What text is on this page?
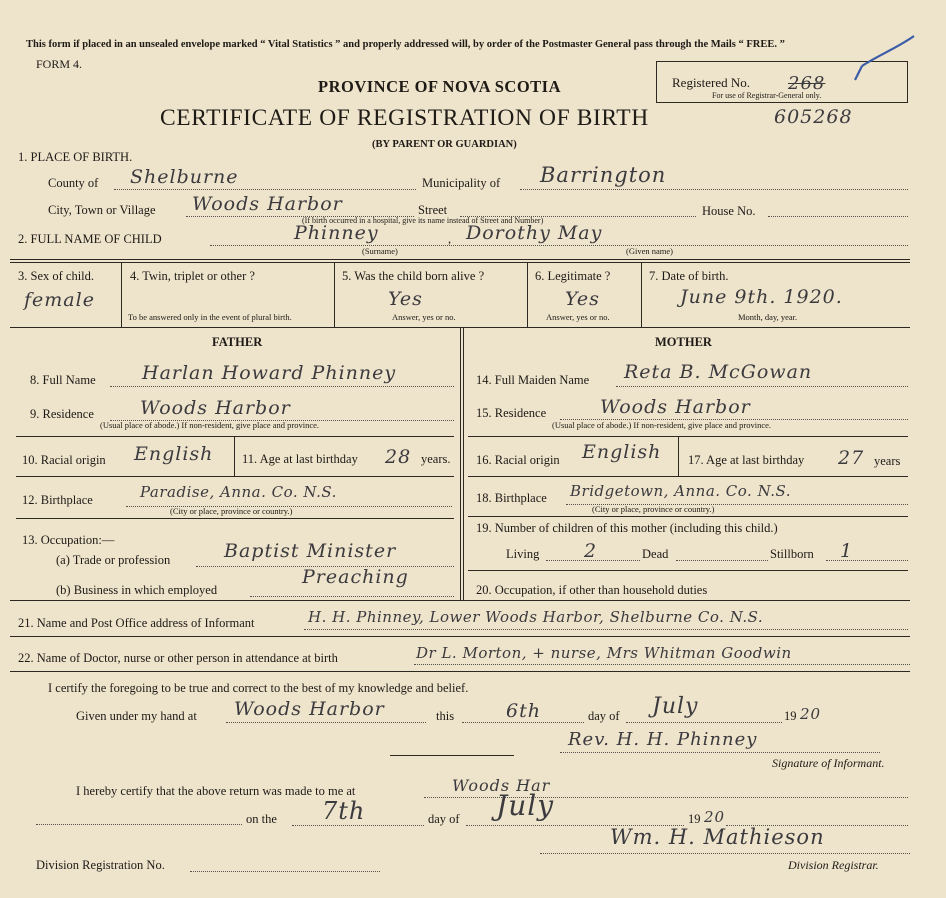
This form if placed in an unsealed envelope marked “ Vital Statistics ” and properly addressed will, by order of the Postmaster General pass through the Mails “ FREE. ”
FORM 4.
PROVINCE OF NOVA SCOTIA
CERTIFICATE OF REGISTRATION OF BIRTH	605268
(BY PARENT OR GUARDIAN)
Registered No. 268
For use of Registrar-General only.
1. PLACE OF BIRTH.
County of Shelburne	Municipality of Barrington
City, Town or Village Woods Harbor	Street	House No.
(If birth occurred in a hospital, give its name instead of Street and Number)
2. FULL NAME OF CHILD	Phinney	, Dorothy May
(Surname)	(Given name)
3. Sex of child.
female
4. Twin, triplet or other ?
To be answered only in the event of plural birth.
5. Was the child born alive ?
Yes
Answer, yes or no.
6. Legitimate ?
Yes
Answer, yes or no.
7. Date of birth.
June 9th. 1920.
Month, day, year.
FATHER	MOTHER
8. Full Name Harlan Howard Phinney
9. Residence Woods Harbor
(Usual place of abode.) If non-resident, give place and province.
10. Racial origin English 11. Age at last birthday 28 years.
12. Birthplace	Paradise, Anna. Co. N.S.
(City or place, province or country.)
13. Occupation:—
(a) Trade or profession	Baptist Minister
(b) Business in which employed
Preaching
14. Full Maiden Name Reta B. McGowan
15. Residence	Woods Harbor
(Usual place of abode.) If non-resident, give place and province.
16. Racial origin English 17. Age at last birthday 27 years
18. Birthplace Bridgetown, Anna. Co. N.S.
(City or place, province or country.)
19. Number of children of this mother (including this child.)
Living 2	Dead	Stillborn 1
20. Occupation, if other than household duties
21. Name and Post Office address of Informant	H. H. Phinney, Lower Woods Harbor, Shelburne Co. N.S.
22. Name of Doctor, nurse or other person in attendance at birth	Dr L. Morton, + nurse, Mrs Whitman Goodwin
I certify the foregoing to be true and correct to the best of my knowledge and belief.
Given under my hand at Woods Harbor	this	6th	day of July	19 20
Rev. H. H. Phinney
Signature of Informant.
I hereby certify that the above return was made to me at	Woods Har
on the 7th	day of July	19 20
Wm. H. Mathieson
Division Registrar.
Division Registration No.
